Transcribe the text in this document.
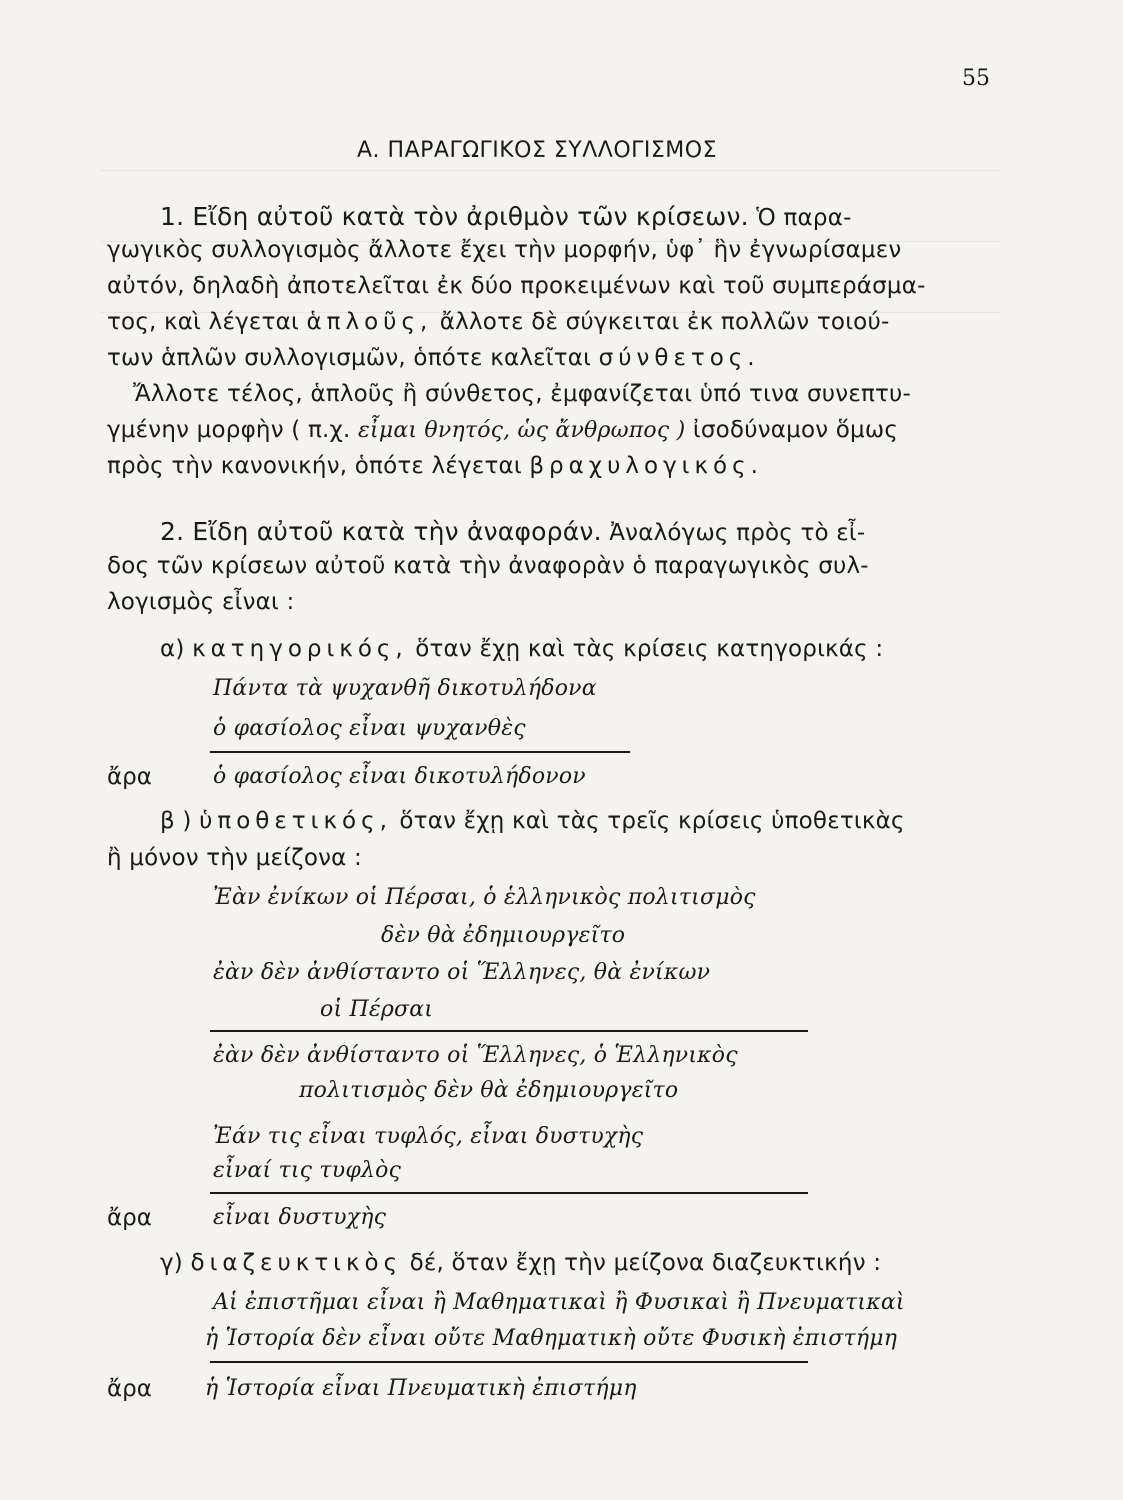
55
Α. ΠΑΡΑΓΩΓΙΚΟΣ ΣΥΛΛΟΓΙΣΜΟΣ
1. Εἴδη αὐτοῦ κατὰ τὸν ἀριθμὸν τῶν κρίσεων. Ὁ παρα-
γωγικὸς συλλογισμὸς ἄλλοτε ἔχει τὴν μορφήν, ὑφ᾽ ἣν ἐγνωρίσαμεν
αὐτόν, δηλαδὴ ἀποτελεῖται ἐκ δύο προκειμένων καὶ τοῦ συμπεράσμα-
τος, καὶ λέγεται ἁπλοῦς, ἄλλοτε δὲ σύγκειται ἐκ πολλῶν τοιού-
των ἁπλῶν συλλογισμῶν, ὁπότε καλεῖται σύνθετος.
Ἄλλοτε τέλος, ἁπλοῦς ἢ σύνθετος, ἐμφανίζεται ὑπό τινα συνεπτυ-
γμένην μορφὴν ( π.χ. εἶμαι θνητός, ὡς ἄνθρωπος ) ἰσοδύναμον ὅμως
πρὸς τὴν κανονικήν, ὁπότε λέγεται βραχυλογικός.
2. Εἴδη αὐτοῦ κατὰ τὴν ἀναφοράν. Ἀναλόγως πρὸς τὸ εἶ-
δος τῶν κρίσεων αὐτοῦ κατὰ τὴν ἀναφορὰν ὁ παραγωγικὸς συλ-
λογισμὸς εἶναι :
α) κατηγορικός, ὅταν ἔχῃ καὶ τὰς κρίσεις κατηγορικάς :
Πάντα τὰ ψυχανθῆ δικοτυλήδονα
ὁ φασίολος εἶναι ψυχανθὲς
ἄρα	ὁ φασίολος εἶναι δικοτυλήδονον
β ) ὑποθετικός, ὅταν ἔχῃ καὶ τὰς τρεῖς κρίσεις ὑποθετικὰς
ἢ μόνον τὴν μείζονα :
Ἐὰν ἐνίκων οἱ Πέρσαι, ὁ ἑλληνικὸς πολιτισμὸς
δὲν θὰ ἐδημιουργεῖτο
ἐὰν δὲν ἀνθίσταντο οἱ Ἕλληνες, θὰ ἐνίκων
οἱ Πέρσαι
ἐὰν δὲν ἀνθίσταντο οἱ Ἕλληνες, ὁ Ἑλληνικὸς
πολιτισμὸς δὲν θὰ ἐδημιουργεῖτο
Ἐάν τις εἶναι τυφλός, εἶναι δυστυχὴς
εἶναί τις τυφλὸς
ἄρα	εἶναι δυστυχὴς
γ) διαζευκτικὸς δέ, ὅταν ἔχῃ τὴν μείζονα διαζευκτικήν :
Αἱ ἐπιστῆμαι εἶναι ἢ Μαθηματικαὶ ἢ Φυσικαὶ ἢ Πνευματικαὶ
ἡ Ἱστορία δὲν εἶναι οὔτε Μαθηματικὴ οὔτε Φυσικὴ ἐπιστήμη
ἄρα ἡ Ἱστορία εἶναι Πνευματικὴ ἐπιστήμη
